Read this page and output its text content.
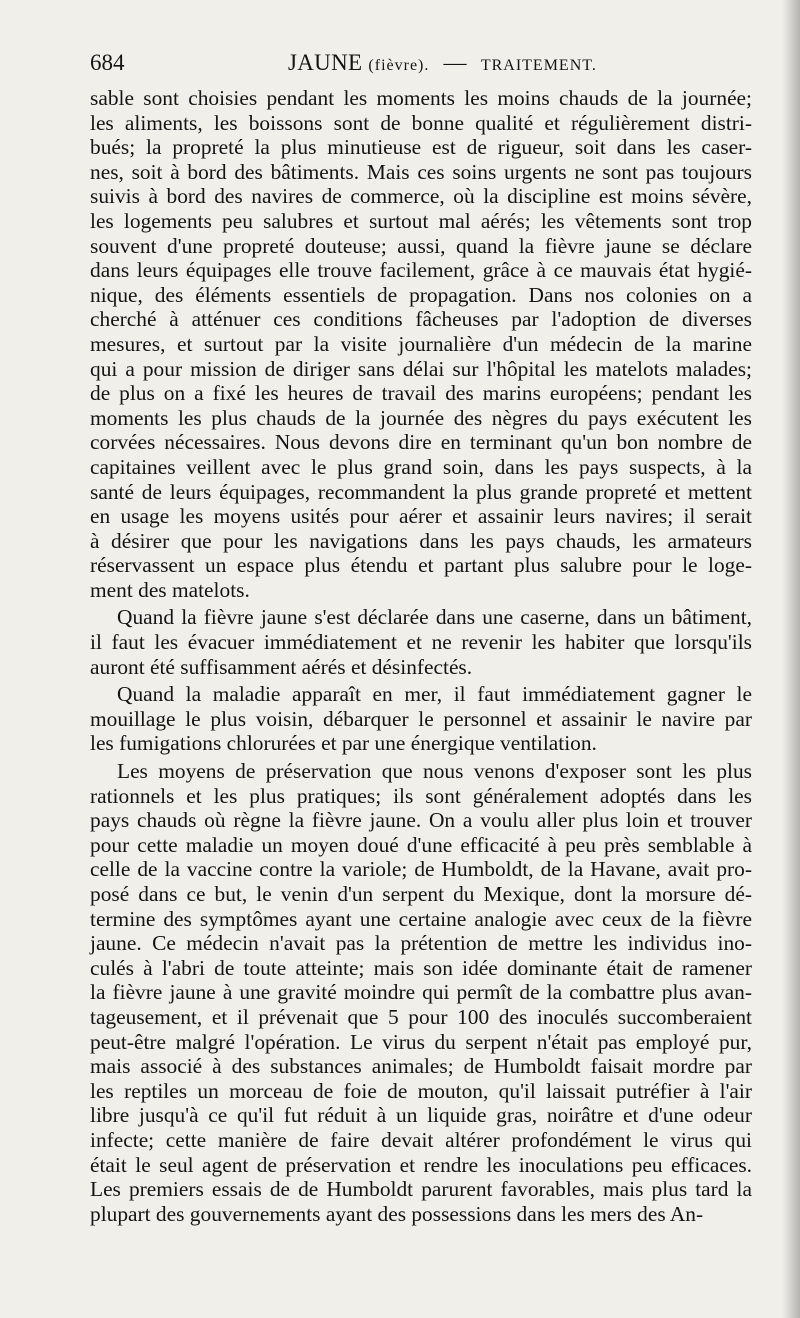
684	JAUNE (fièvre). — TRAITEMENT.

sable sont choisies pendant les moments les moins chauds de la journée;
les aliments, les boissons sont de bonne qualité et régulièrement distri-
bués; la propreté la plus minutieuse est de rigueur, soit dans les caser-
nes, soit à bord des bâtiments. Mais ces soins urgents ne sont pas toujours
suivis à bord des navires de commerce, où la discipline est moins sévère,
les logements peu salubres et surtout mal aérés; les vêtements sont trop
souvent d'une propreté douteuse; aussi, quand la fièvre jaune se déclare
dans leurs équipages elle trouve facilement, grâce à ce mauvais état hygié-
nique, des éléments essentiels de propagation. Dans nos colonies on a
cherché à atténuer ces conditions fâcheuses par l'adoption de diverses
mesures, et surtout par la visite journalière d'un médecin de la marine
qui a pour mission de diriger sans délai sur l'hôpital les matelots malades;
de plus on a fixé les heures de travail des marins européens; pendant les
moments les plus chauds de la journée des nègres du pays exécutent les
corvées nécessaires. Nous devons dire en terminant qu'un bon nombre de
capitaines veillent avec le plus grand soin, dans les pays suspects, à la
santé de leurs équipages, recommandent la plus grande propreté et mettent
en usage les moyens usités pour aérer et assainir leurs navires; il serait
à désirer que pour les navigations dans les pays chauds, les armateurs
réservassent un espace plus étendu et partant plus salubre pour le loge-
ment des matelots.

Quand la fièvre jaune s'est déclarée dans une caserne, dans un bâtiment,
il faut les évacuer immédiatement et ne revenir les habiter que lorsqu'ils
auront été suffisamment aérés et désinfectés.

Quand la maladie apparaît en mer, il faut immédiatement gagner le
mouillage le plus voisin, débarquer le personnel et assainir le navire par
les fumigations chlorurées et par une énergique ventilation.

Les moyens de préservation que nous venons d'exposer sont les plus
rationnels et les plus pratiques; ils sont généralement adoptés dans les
pays chauds où règne la fièvre jaune. On a voulu aller plus loin et trouver
pour cette maladie un moyen doué d'une efficacité à peu près semblable à
celle de la vaccine contre la variole; de Humboldt, de la Havane, avait pro-
posé dans ce but, le venin d'un serpent du Mexique, dont la morsure dé-
termine des symptômes ayant une certaine analogie avec ceux de la fièvre
jaune. Ce médecin n'avait pas la prétention de mettre les individus ino-
culés à l'abri de toute atteinte; mais son idée dominante était de ramener
la fièvre jaune à une gravité moindre qui permît de la combattre plus avan-
tageusement, et il prévenait que 5 pour 100 des inoculés succomberaient
peut-être malgré l'opération. Le virus du serpent n'était pas employé pur,
mais associé à des substances animales; de Humboldt faisait mordre par
les reptiles un morceau de foie de mouton, qu'il laissait putréfier à l'air
libre jusqu'à ce qu'il fut réduit à un liquide gras, noirâtre et d'une odeur
infecte; cette manière de faire devait altérer profondément le virus qui
était le seul agent de préservation et rendre les inoculations peu efficaces.
Les premiers essais de de Humboldt parurent favorables, mais plus tard la
plupart des gouvernements ayant des possessions dans les mers des An-
